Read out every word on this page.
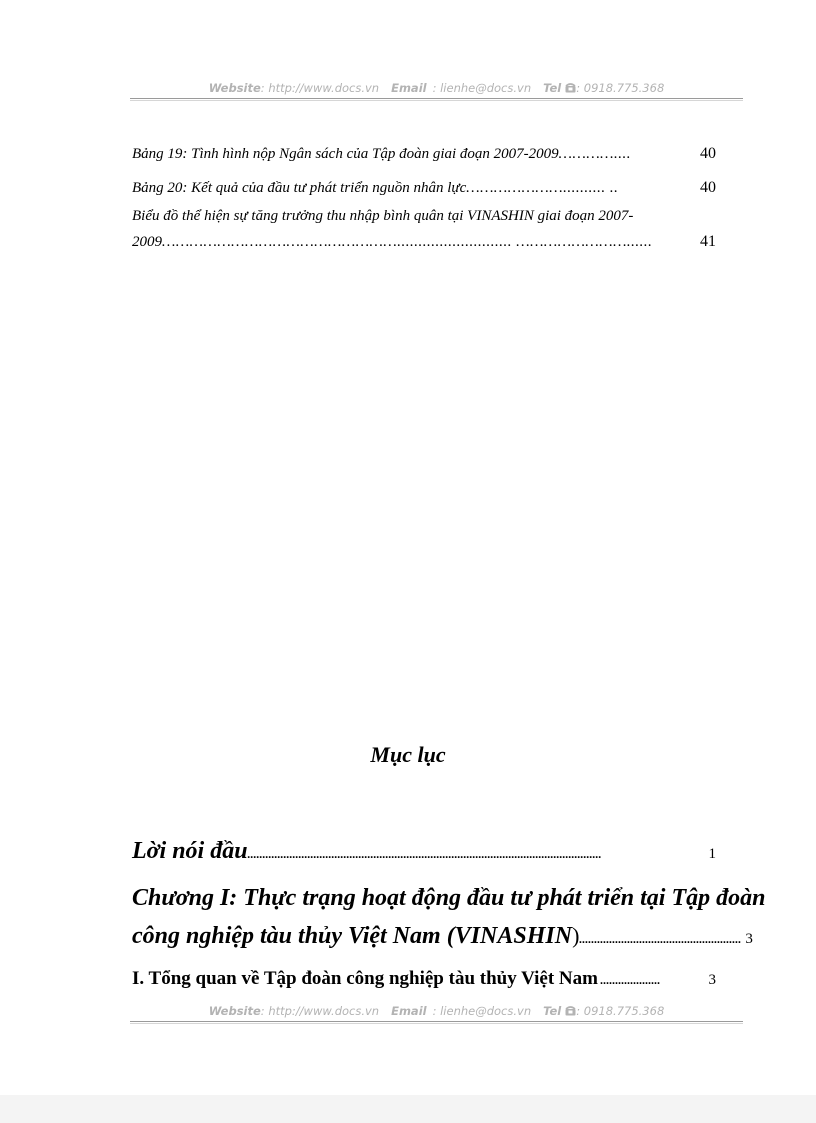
Website: http://www.docs.vn Email : lienhe@docs.vn Tel : 0918.775.368
Bảng 19: Tình hình nộp Ngân sách của Tập đoàn giai đoạn 2007-2009 …………....	40
Bảng 20: Kết quả của đầu tư phát triển nguồn nhân lực ………………….......... ..	40
Biểu đồ thể hiện sự tăng trưởng thu nhập bình quân tại VINASHIN giai đoạn 2007-
2009 ……………………………………………........................... ……………………......	41
Mục lục
Lời nói đầu ......................................................................................................................	1
Chương I: Thực trạng hoạt động đầu tư phát triển tại Tập đoàn
công nghiệp tàu thủy Việt Nam (VINASHIN ) ...................................................... 3
I. Tổng quan về Tập đoàn công nghiệp tàu thủy Việt Nam ....................	3
Website: http://www.docs.vn Email : lienhe@docs.vn Tel : 0918.775.368
